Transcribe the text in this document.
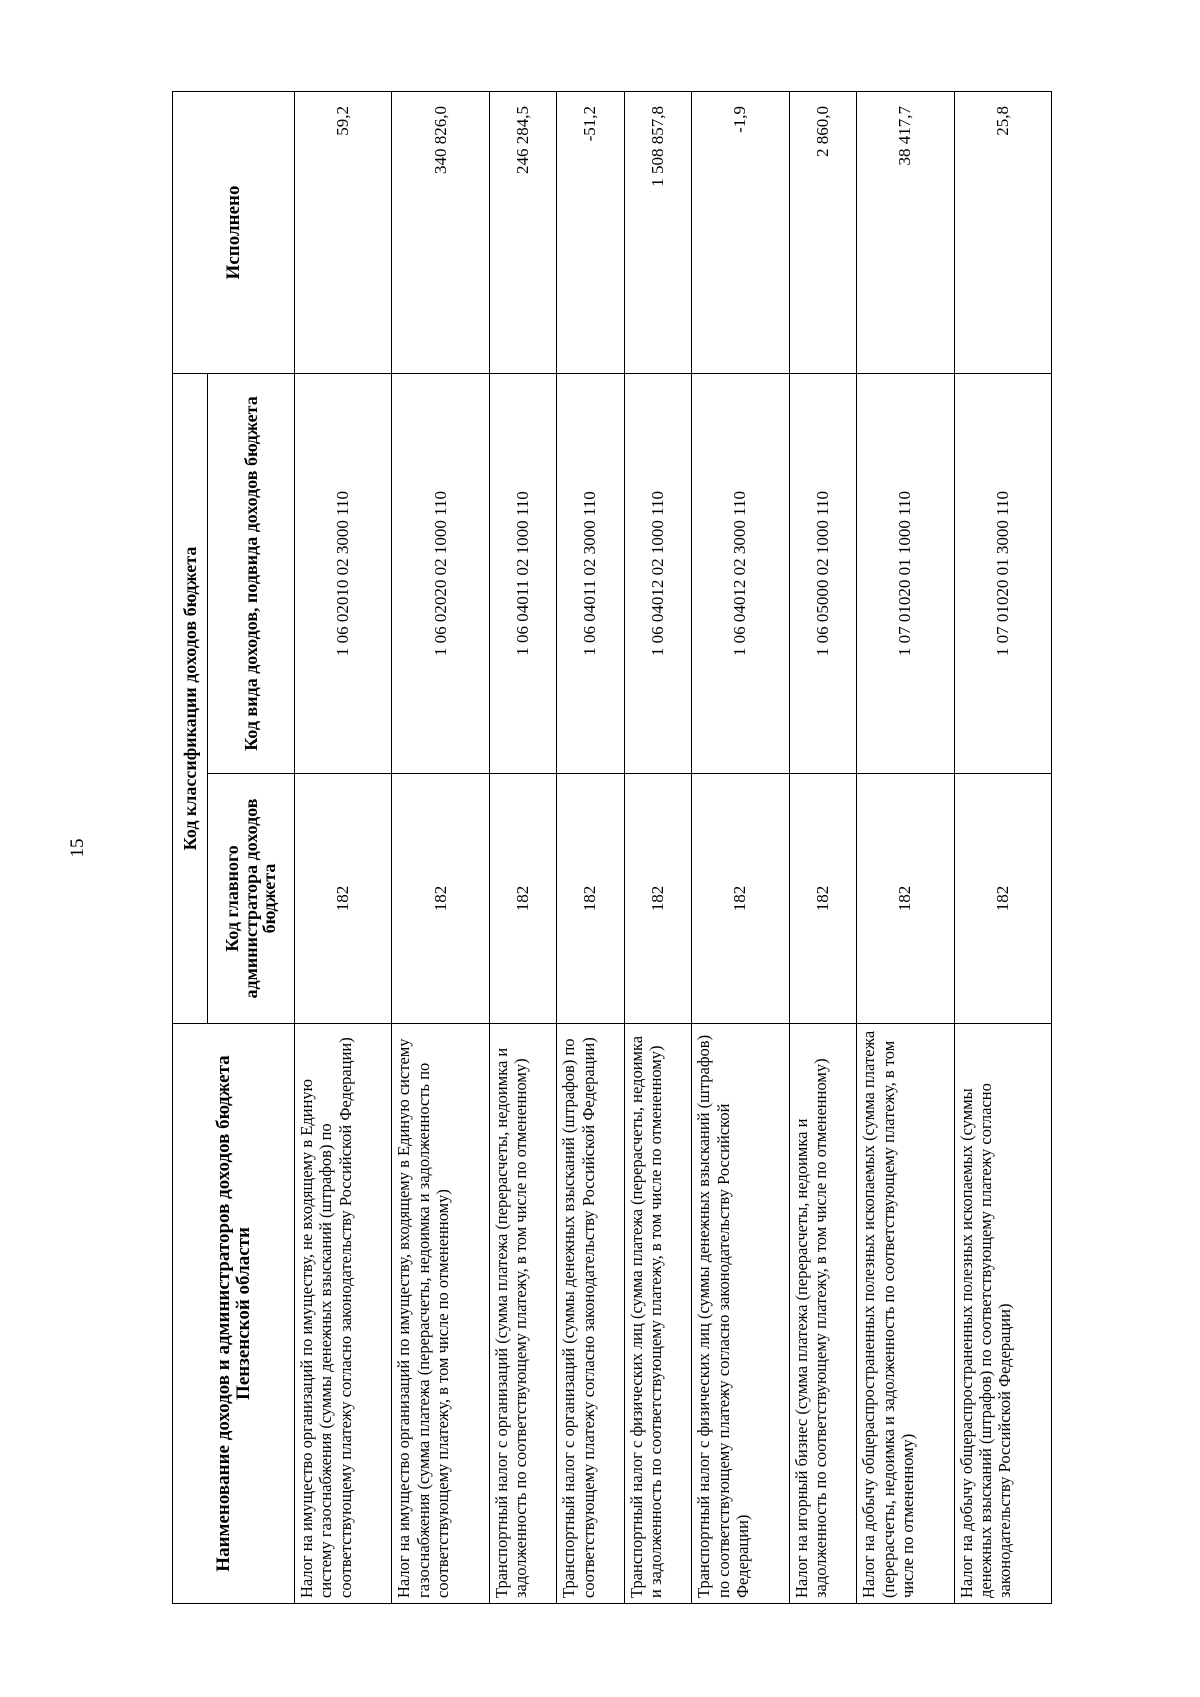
15
Наименование доходов и администраторов доходов бюджета Пензенской области	Код классификации доходов бюджета		Исполнено
	Код главного администратора доходов бюджета	Код вида доходов, подвида доходов бюджета	
Налог на имущество организаций по имуществу, не входящему в Единую систему газоснабжения (суммы денежных взысканий (штрафов) по соответствующему платежу согласно законодательству Российской Федерации)	182	1 06 02010 02 3000 110	59,2
Налог на имущество организаций по имуществу, входящему в Единую систему газоснабжения (сумма платежа (перерасчеты, недоимка и задолженность по соответствующему платежу, в том числе по отмененному)	182	1 06 02020 02 1000 110	340 826,0
Транспортный налог с организаций (сумма платежа (перерасчеты, недоимка и задолженность по соответствующему платежу, в том числе по отмененному)	182	1 06 04011 02 1000 110	246 284,5
Транспортный налог с организаций (суммы денежных взысканий (штрафов) по соответствующему платежу согласно законодательству Российской Федерации)	182	1 06 04011 02 3000 110	-51,2
Транспортный налог с физических лиц (сумма платежа (перерасчеты, недоимка и задолженность по соответствующему платежу, в том числе по отмененному)	182	1 06 04012 02 1000 110	1 508 857,8
Транспортный налог с физических лиц (суммы денежных взысканий (штрафов) по соответствующему платежу согласно законодательству Российской Федерации)	182	1 06 04012 02 3000 110	-1,9
Налог на игорный бизнес (сумма платежа (перерасчеты, недоимка и задолженность по соответствующему платежу, в том числе по отмененному)	182	1 06 05000 02 1000 110	2 860,0
Налог на добычу общераспространенных полезных ископаемых (сумма платежа (перерасчеты, недоимка и задолженность по соответствующему платежу, в том числе по отмененному)	182	1 07 01020 01 1000 110	38 417,7
Налог на добычу общераспространенных полезных ископаемых (суммы денежных взысканий (штрафов) по соответствующему платежу согласно законодательству Российской Федерации)	182	1 07 01020 01 3000 110	25,8
